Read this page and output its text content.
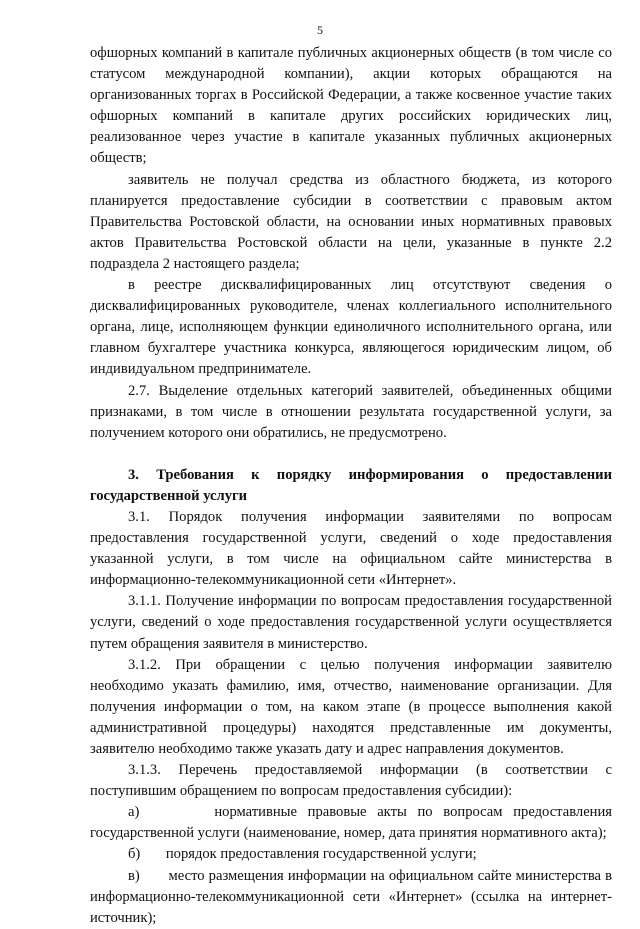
5

офшорных компаний в капитале публичных акционерных обществ (в том числе со статусом международной компании), акции которых обращаются на организованных торгах в Российской Федерации, а также косвенное участие таких офшорных компаний в капитале других российских юридических лиц, реализованное через участие в капитале указанных публичных акционерных обществ;

заявитель не получал средства из областного бюджета, из которого планируется предоставление субсидии в соответствии с правовым актом Правительства Ростовской области, на основании иных нормативных правовых актов Правительства Ростовской области на цели, указанные в пункте 2.2 подраздела 2 настоящего раздела;

в реестре дисквалифицированных лиц отсутствуют сведения о дисквалифицированных руководителе, членах коллегиального исполнительного органа, лице, исполняющем функции единоличного исполнительного органа, или главном бухгалтере участника конкурса, являющегося юридическим лицом, об индивидуальном предпринимателе.

2.7. Выделение отдельных категорий заявителей, объединенных общими признаками, в том числе в отношении результата государственной услуги, за получением которого они обратились, не предусмотрено.

3. Требования к порядку информирования о предоставлении государственной услуги

3.1. Порядок получения информации заявителями по вопросам предоставления государственной услуги, сведений о ходе предоставления указанной услуги, в том числе на официальном сайте министерства в информационно-телекоммуникационной сети «Интернет».

3.1.1. Получение информации по вопросам предоставления государственной услуги, сведений о ходе предоставления государственной услуги осуществляется путем обращения заявителя в министерство.

3.1.2. При обращении с целью получения информации заявителю необходимо указать фамилию, имя, отчество, наименование организации. Для получения информации о том, на каком этапе (в процессе выполнения какой административной процедуры) находятся представленные им документы, заявителю необходимо также указать дату и адрес направления документов.

3.1.3. Перечень предоставляемой информации (в соответствии с поступившим обращением по вопросам предоставления субсидии):

а)	нормативные правовые акты по вопросам предоставления государственной услуги (наименование, номер, дата принятия нормативного акта);

б) порядок предоставления государственной услуги;

в) место размещения информации на официальном сайте министерства в информационно-телекоммуникационной сети «Интернет» (ссылка на интернет-источник);
